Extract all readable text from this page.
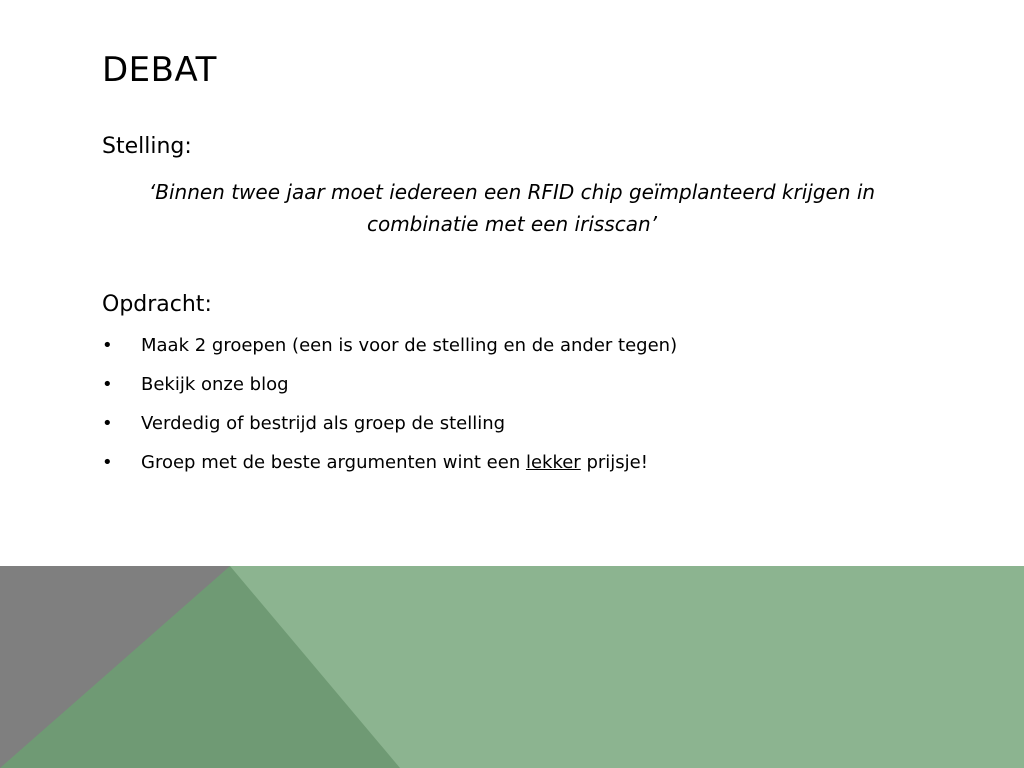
DEBAT

Stelling:

‘Binnen twee jaar moet iedereen een RFID chip geïmplanteerd krijgen in combinatie met een irisscan’

Opdracht:

• Maak 2 groepen (een is voor de stelling en de ander tegen)
• Bekijk onze blog
• Verdedig of bestrijd als groep de stelling
• Groep met de beste argumenten wint een lekker prijsje!
